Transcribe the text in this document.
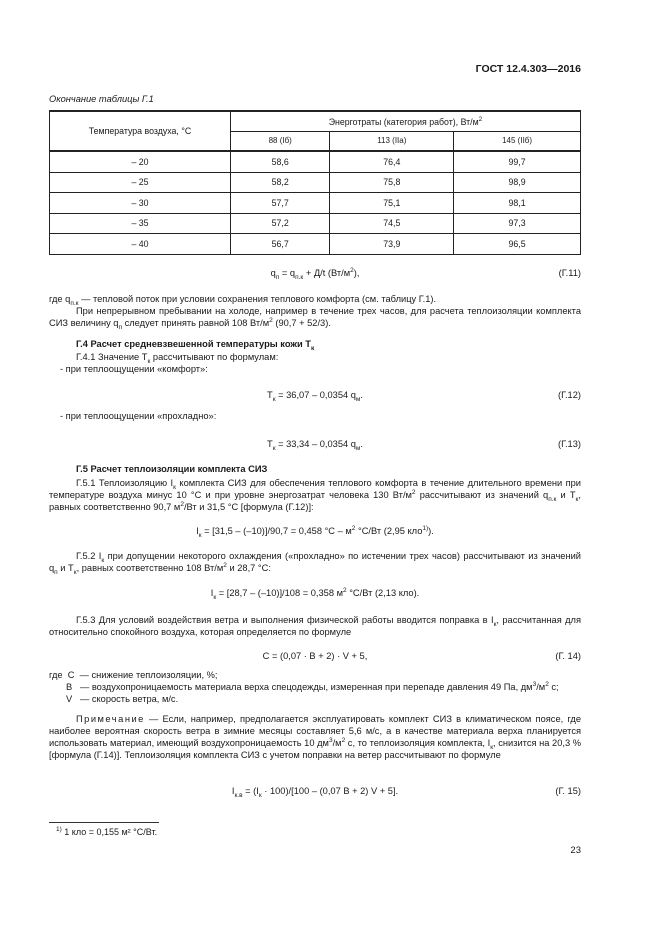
ГОСТ 12.4.303—2016
Окончание таблицы Г.1
Температура воздуха, °С	Энерготраты (категория работ), $Вт/м^2$
	88 (Iб)	113 (IIа)	145 (IIб)
– 20	58,6	76,4	99,7
– 25	58,2	75,8	98,9
– 30	57,7	75,1	98,1
– 35	57,2	74,5	97,3
– 40	56,7	73,9	96,5
$q_п = q_{п.к} + Д/t$ $(Вт/м^2)$,	(Г.11)
где $q_{п.к}$ — тепловой поток при условии сохранения теплового комфорта (см. таблицу Г.1).
При непрерывном пребывании на холоде, например в течение трех часов, для расчета теплоизоляции комплекта СИЗ величину $q_п$ следует принять равной 108 $Вт/м^2$ (90,7 + 52/3).
Г.4 Расчет средневзвешенной температуры кожи $T_к$
Г.4.1 Значение $T_к$ рассчитывают по формулам:
- при теплоощущении «комфорт»:
$T_к = 36,07 - 0,0354$ $q_м$.	(Г.12)
- при теплоощущении «прохладно»:
$T_к = 33,34 - 0,0354$ $q_м$.	(Г.13)
Г.5 Расчет теплоизоляции комплекта СИЗ
Г.5.1 Теплоизоляцию $I_к$ комплекта СИЗ для обеспечения теплового комфорта в течение длительного времени при температуре воздуха минус 10 °С и при уровне энергозатрат человека 130 $Вт/м^2$ рассчитывают из значений $q_{п.к}$ и $T_к$, равных соответственно 90,7 $м^2/Вт$ и 31,5 °С [формула (Г.12)]:
$I_к = [31,5 - (-10)]/90,7 = 0,458$ $^\circ С - м^2$ °С/Вт (2,95 кло$^{1)}$).
Г.5.2 $I_к$ при допущении некоторого охлаждения («прохладно» по истечении трех часов) рассчитывают из значений $q_п$ и $T_к$, равных соответственно 108 $Вт/м^2$ и 28,7 °С:
$I_к = [28,7 - (-10)]/108 = 0,358$ $м^2$ °С/Вт (2,13 кло).
Г.5.3 Для условий воздействия ветра и выполнения физической работы вводится поправка в $I_к$, рассчитанная для относительно спокойного воздуха, которая определяется по формуле
C = (0,07 · B + 2) · V + 5,	(Г. 14)
где  C  — снижение теплоизоляции, %;
B   — воздухопроницаемость материала верха спецодежды, измеренная при перепаде давления 49 Па, $дм^3/м^2$ с;
V   — скорость ветра, м/с.
Примечание — Если, например, предполагается эксплуатировать комплект СИЗ в климатическом поясе, где наиболее вероятная скорость ветра в зимние месяцы составляет 5,6 м/с, а в качестве материала верха планируется использовать материал, имеющий воздухопроницаемость 10 $дм^3/м^2$ с, то теплоизоляция комплекта, $I_к$, снизится на 20,3 % [формула (Г.14)]. Теплоизоляция комплекта СИЗ с учетом поправки на ветер рассчитывают по формуле
$I_{к.в} = (I_к \cdot 100)/[100 - (0,07$ B + 2) V + 5].	(Г. 15)
$^{1)}$ 1 кло = 0,155 м² °С/Вт.
23
